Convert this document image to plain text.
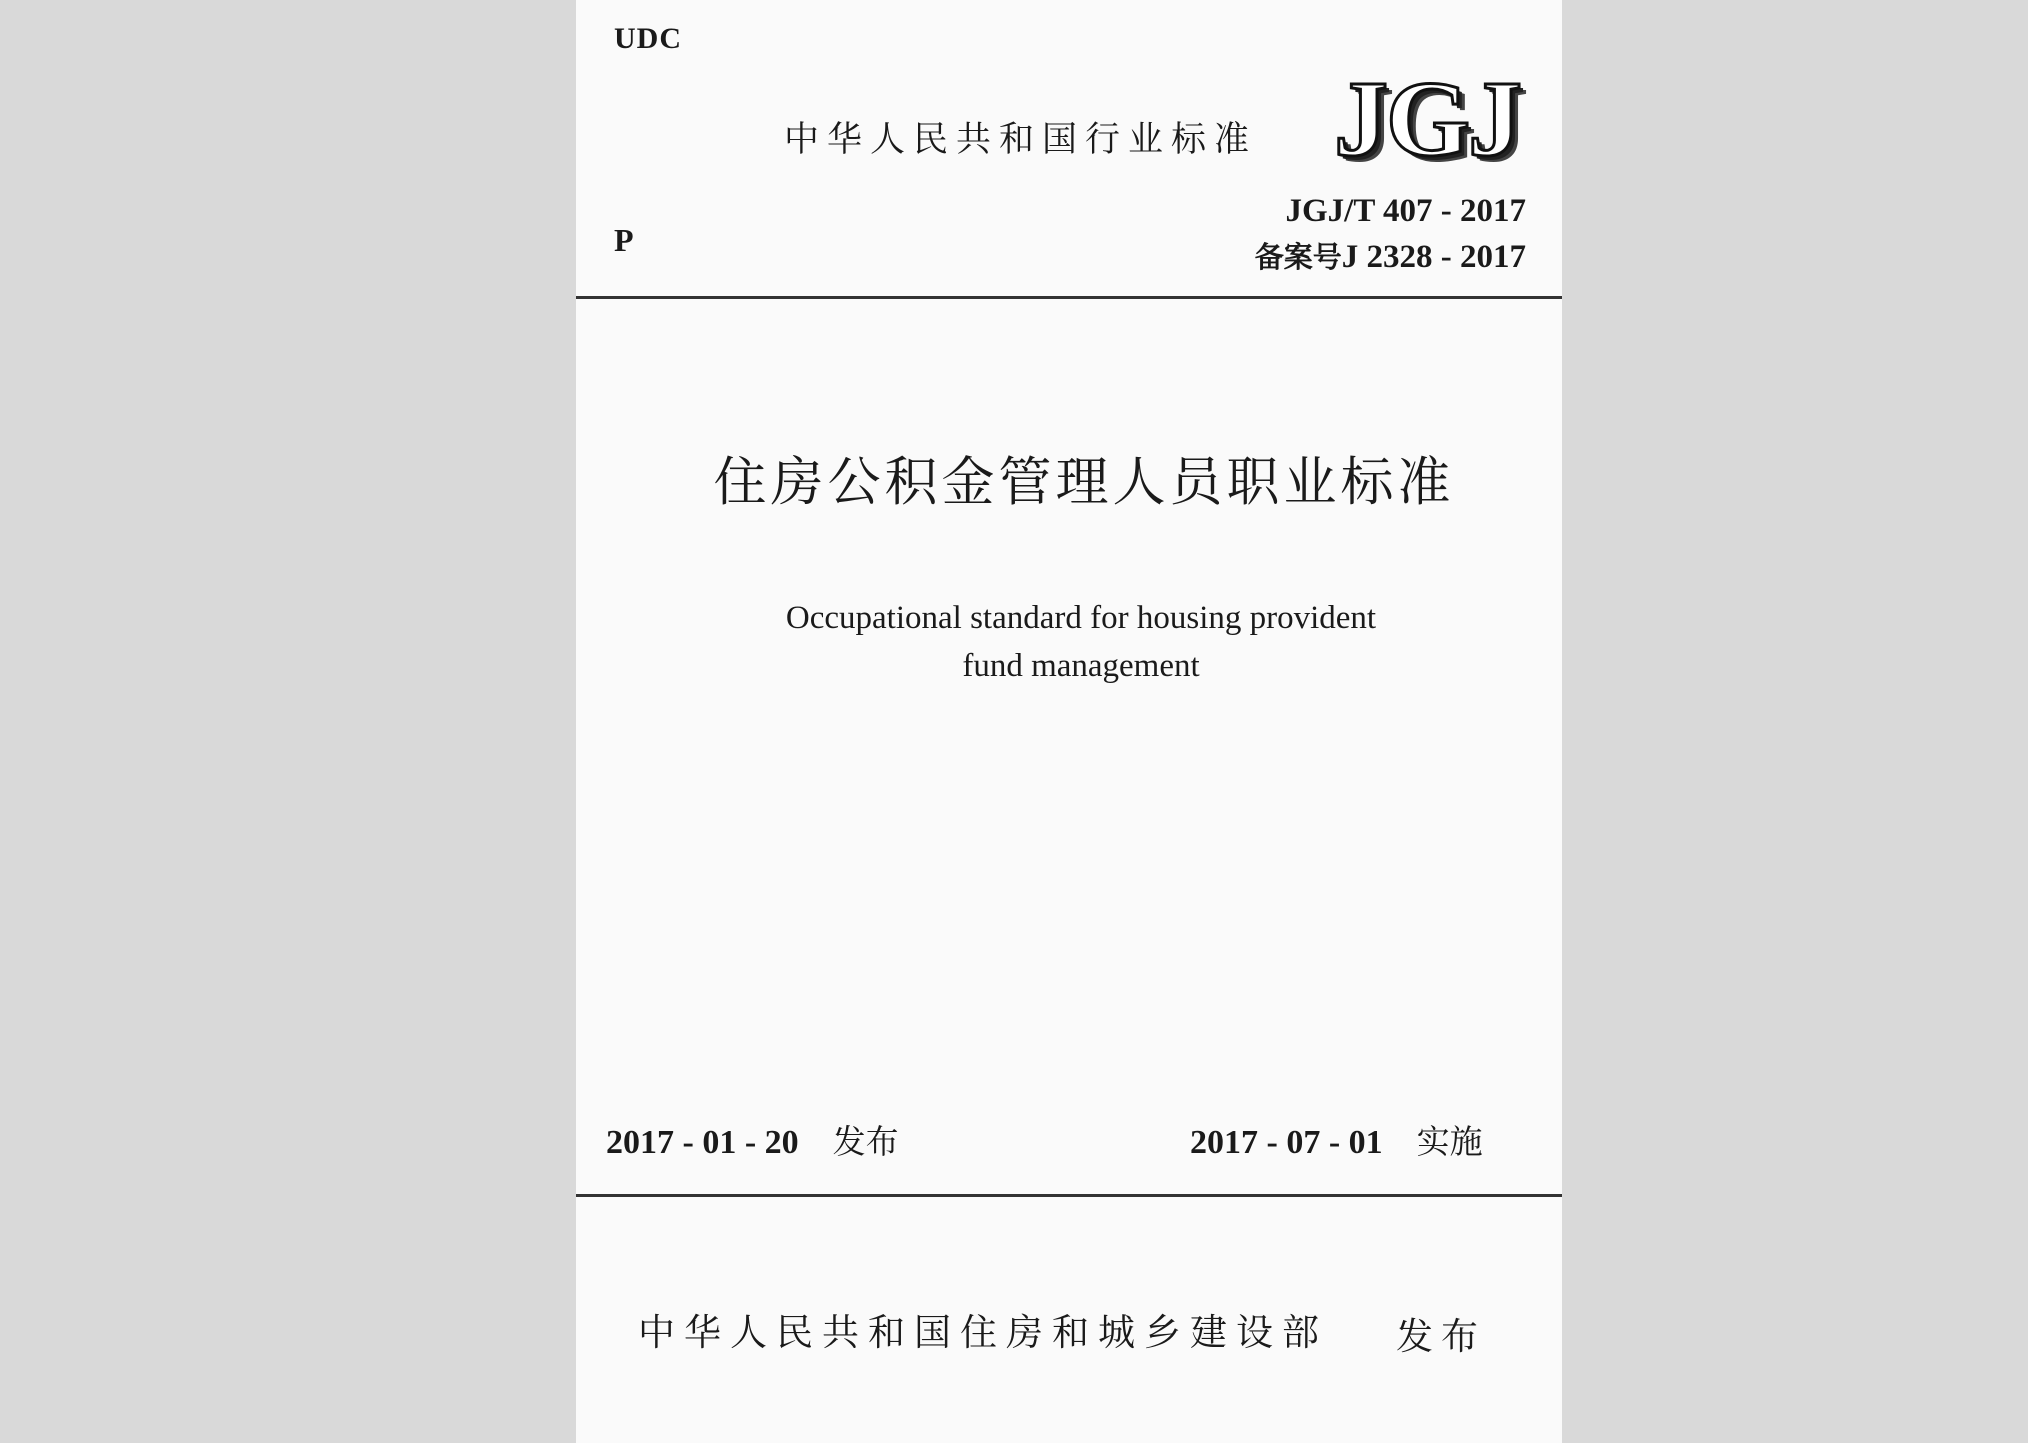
UDC
中华人民共和国行业标准 JGJ
P
JGJ/T 407 - 2017
备案号J 2328 - 2017
住房公积金管理人员职业标准
Occupational standard for housing provident
fund management
2017 - 01 - 20 发布	2017 - 07 - 01 实施
中华人民共和国住房和城乡建设部 发布
